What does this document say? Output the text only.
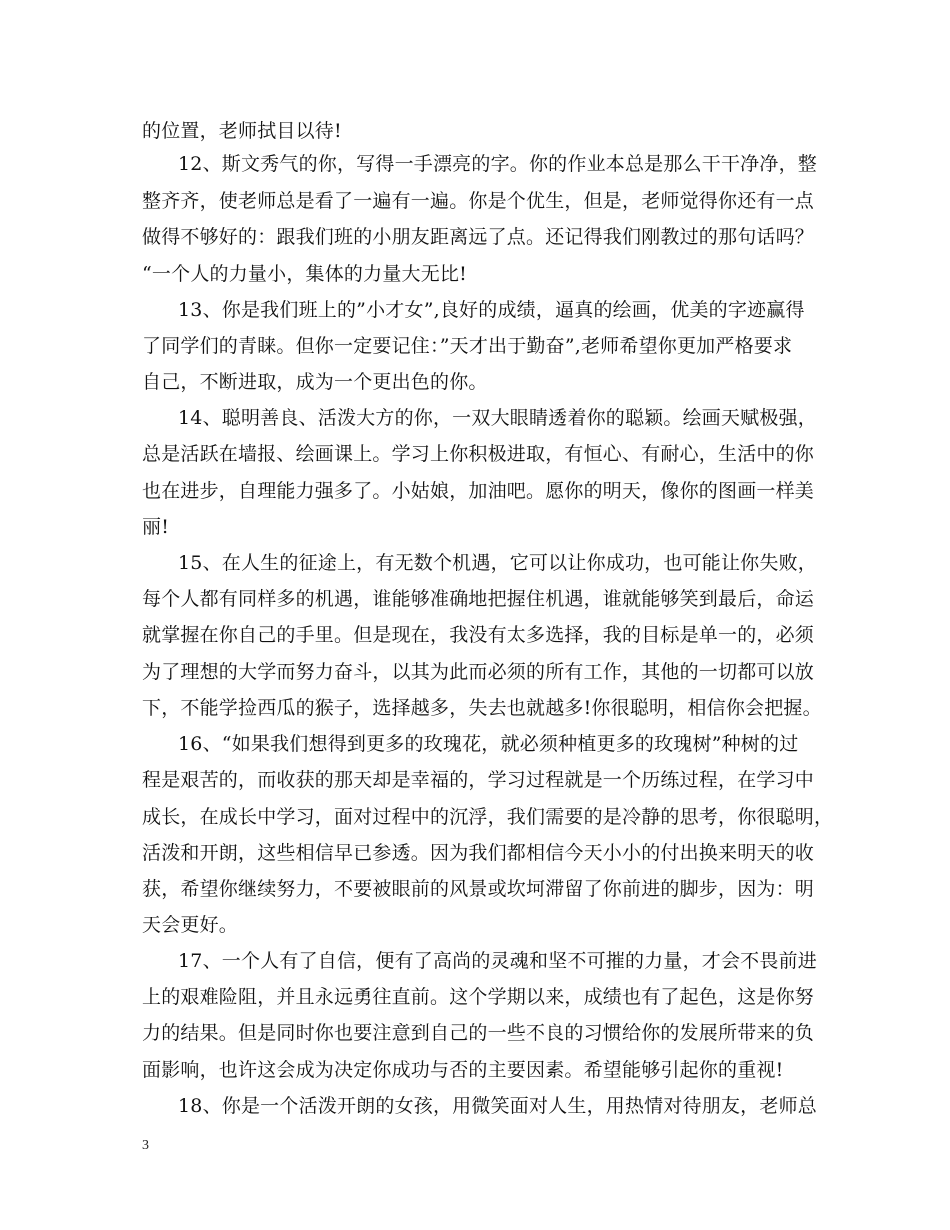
的位置，老师拭目以待!
12、斯文秀气的你，写得一手漂亮的字。你的作业本总是那么干干净净，整
整齐齐，使老师总是看了一遍有一遍。你是个优生，但是，老师觉得你还有一点
做得不够好的：跟我们班的小朋友距离远了点。还记得我们刚教过的那句话吗？
“一个人的力量小，集体的力量大无比!
13、你是我们班上的”小才女”,良好的成绩，逼真的绘画，优美的字迹赢得
了同学们的青睐。但你一定要记住：”天才出于勤奋”,老师希望你更加严格要求
自己，不断进取，成为一个更出色的你。
14、聪明善良、活泼大方的你，一双大眼睛透着你的聪颖。绘画天赋极强，
总是活跃在墙报、绘画课上。学习上你积极进取，有恒心、有耐心，生活中的你
也在进步，自理能力强多了。小姑娘，加油吧。愿你的明天，像你的图画一样美
丽!
15、在人生的征途上，有无数个机遇，它可以让你成功，也可能让你失败，
每个人都有同样多的机遇，谁能够准确地把握住机遇，谁就能够笑到最后，命运
就掌握在你自己的手里。但是现在，我没有太多选择，我的目标是单一的，必须
为了理想的大学而努力奋斗，以其为此而必须的所有工作，其他的一切都可以放
下，不能学捡西瓜的猴子，选择越多，失去也就越多!你很聪明，相信你会把握。
16、“如果我们想得到更多的玫瑰花，就必须种植更多的玫瑰树”种树的过
程是艰苦的，而收获的那天却是幸福的，学习过程就是一个历练过程，在学习中
成长，在成长中学习，面对过程中的沉浮，我们需要的是冷静的思考，你很聪明，
活泼和开朗，这些相信早已参透。因为我们都相信今天小小的付出换来明天的收
获，希望你继续努力，不要被眼前的风景或坎坷滞留了你前进的脚步，因为：明
天会更好。
17、一个人有了自信，便有了高尚的灵魂和坚不可摧的力量，才会不畏前进
上的艰难险阻，并且永远勇往直前。这个学期以来，成绩也有了起色，这是你努
力的结果。但是同时你也要注意到自己的一些不良的习惯给你的发展所带来的负
面影响，也许这会成为决定你成功与否的主要因素。希望能够引起你的重视!
18、你是一个活泼开朗的女孩，用微笑面对人生，用热情对待朋友，老师总
3
